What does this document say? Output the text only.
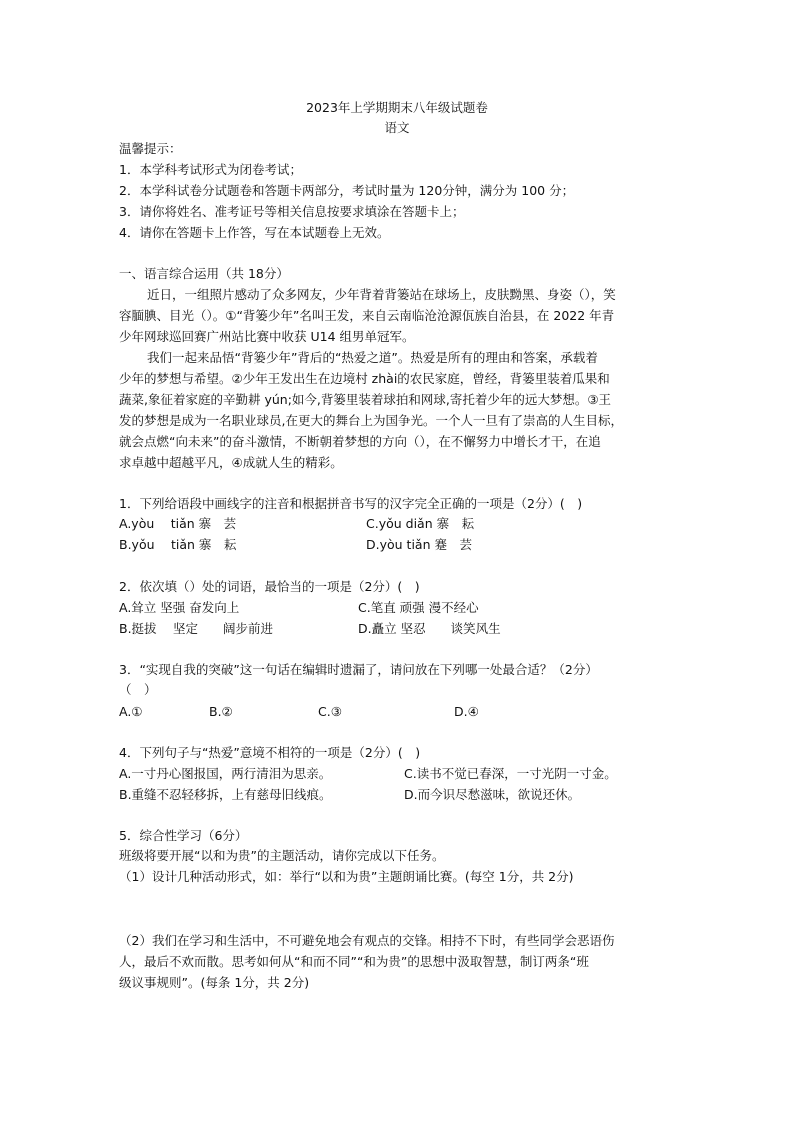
2023年上学期期末八年级试题卷
语文
温馨提示：
1．本学科考试形式为闭卷考试；
2．本学科试卷分试题卷和答题卡两部分，考试时量为 120分钟，满分为 100 分；
3．请你将姓名、准考证号等相关信息按要求填涂在答题卡上；
4．请你在答题卡上作答，写在本试题卷上无效。
一、语言综合运用（共 18分）
近日，一组照片感动了众多网友，少年背着背篓站在球场上，皮肤黝黑、身姿（），笑
容腼腆、目光（）。①“背篓少年”名叫王发，来自云南临沧沧源佤族自治县，在 2022 年青
少年网球巡回赛广州站比赛中收获 U14 组男单冠军。
我们一起来品悟“背篓少年”背后的“热爱之道”。热爱是所有的理由和答案，承载着
少年的梦想与希望。②少年王发出生在边境村 zhài的农民家庭，曾经，背篓里装着瓜果和
蔬菜,象征着家庭的辛勤耕 yún;如今,背篓里装着球拍和网球,寄托着少年的远大梦想。③王
发的梦想是成为一名职业球员,在更大的舞台上为国争光。一个人一旦有了崇高的人生目标，
就会点燃“向未来”的奋斗激情，不断朝着梦想的方向（），在不懈努力中增长才干，在追
求卓越中超越平凡，④成就人生的精彩。
1．下列给语段中画线字的注音和根据拼音书写的汉字完全正确的一项是（2分）(　)
A.yòu　 tiǎn 寨　芸	C.yǒu diǎn 寨　耘
B.yǒu　 tiǎn 寨　耘	D.yòu tiǎn 蹇　芸
2．依次填（）处的词语，最恰当的一项是（2分）(　)
A.耸立 坚强 奋发向上	C.笔直 顽强 漫不经心
B.挺拔　 坚定　　阔步前进	D.矗立 坚忍　　谈笑风生
3．“实现自我的突破”这一句话在编辑时遗漏了，请问放在下列哪一处最合适？（2分）
（　）
A.①	B.②	C.③	D.④
4．下列句子与“热爱”意境不相符的一项是（2分）(　)
A.一寸丹心图报国，两行清泪为思亲。	C.读书不觉已春深，一寸光阴一寸金。
B.重缝不忍轻移拆，上有慈母旧线痕。	D.而今识尽愁滋味，欲说还休。
5．综合性学习（6分）
班级将要开展“以和为贵”的主题活动，请你完成以下任务。
（1）设计几种活动形式，如：举行“以和为贵”主题朗诵比赛。(每空 1分，共 2分)
（2）我们在学习和生活中，不可避免地会有观点的交锋。相持不下时，有些同学会恶语伤
人，最后不欢而散。思考如何从“和而不同”“和为贵”的思想中汲取智慧，制订两条“班
级议事规则”。(每条 1分，共 2分)
